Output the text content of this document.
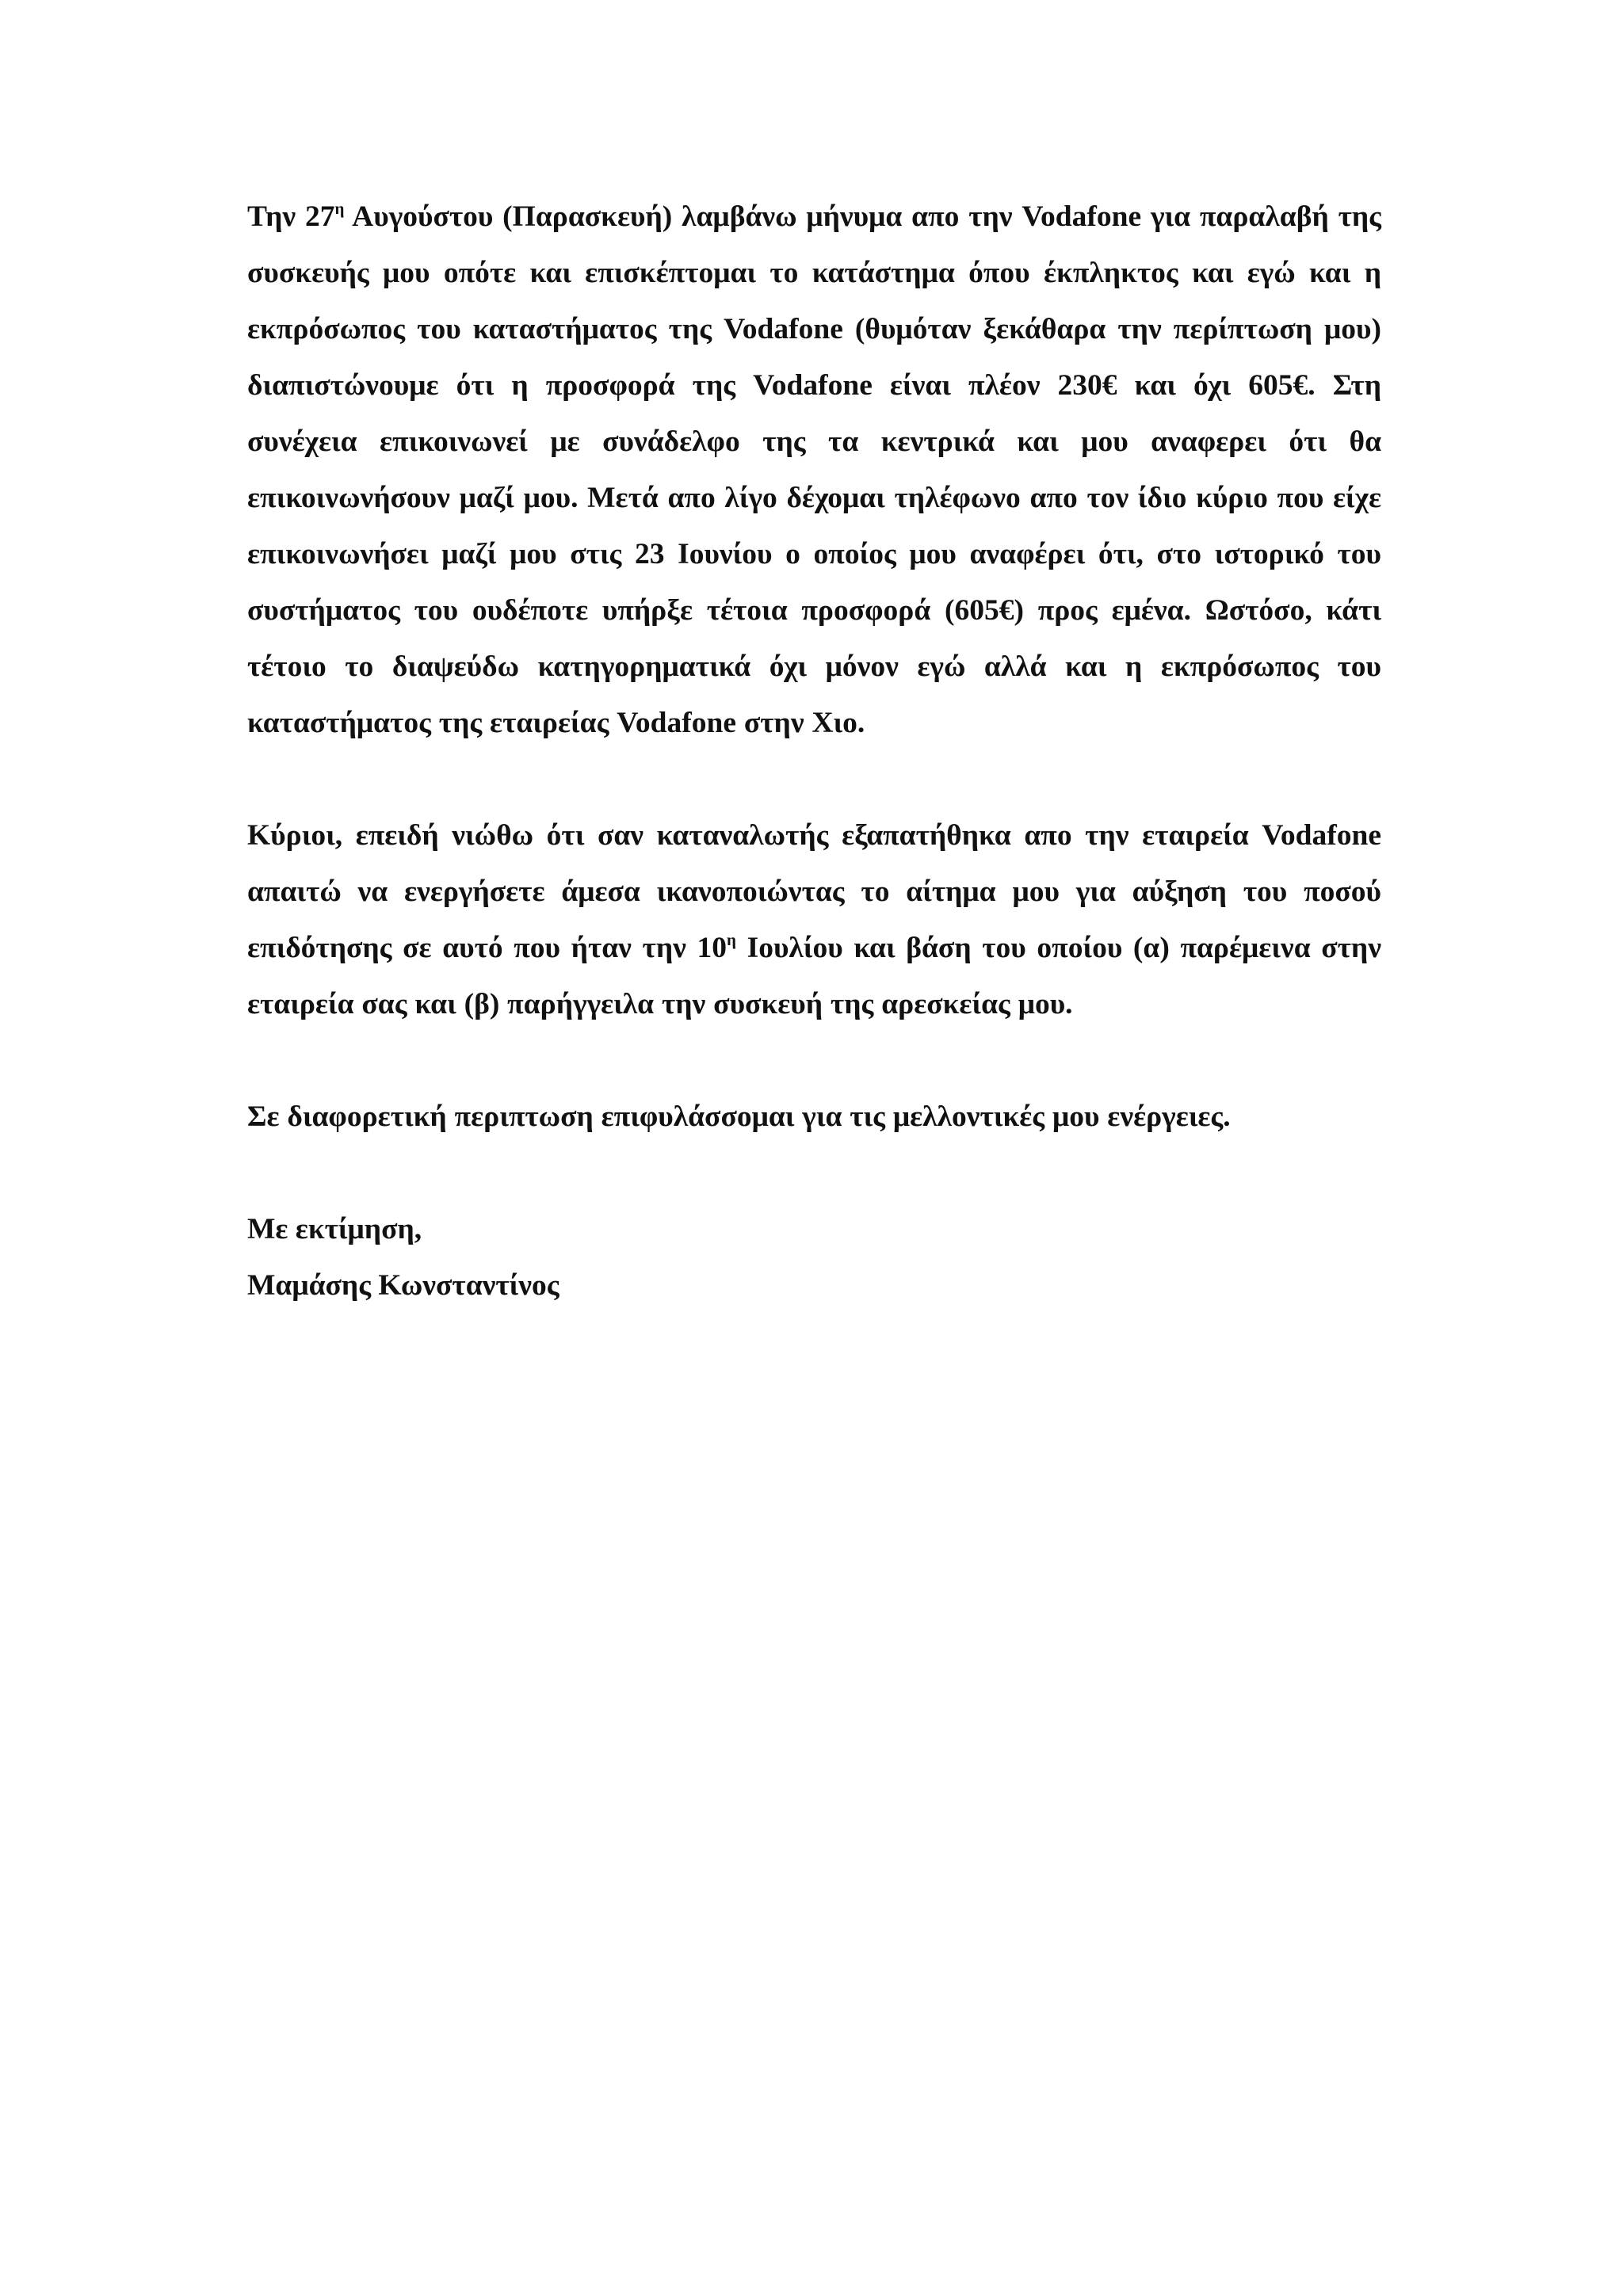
Την $27^\eta$ Αυγούστου (Παρασκευή) λαμβάνω μήνυμα απο την Vodafone για παραλαβή της συσκευής μου οπότε και επισκέπτομαι το κατάστημα όπου έκπληκτος και εγώ και η εκπρόσωπος του καταστήματος της Vodafone (θυμόταν ξεκάθαρα την περίπτωση μου) διαπιστώνουμε ότι η προσφορά της Vodafone είναι πλέον 230€ και όχι 605€. Στη συνέχεια επικοινωνεί με συνάδελφο της τα κεντρικά και μου αναφερει ότι θα επικοινωνήσουν μαζί μου. Μετά απο λίγο δέχομαι τηλέφωνο απο τον ίδιο κύριο που είχε επικοινωνήσει μαζί μου στις 23 Ιουνίου ο οποίος μου αναφέρει ότι, στο ιστορικό του συστήματος του ουδέποτε υπήρξε τέτοια προσφορά (605€) προς εμένα. Ωστόσο, κάτι τέτοιο το διαψεύδω κατηγορηματικά όχι μόνον εγώ αλλά και η εκπρόσωπος του καταστήματος της εταιρείας Vodafone στην Χιο.

Κύριοι, επειδή νιώθω ότι σαν καταναλωτής εξαπατήθηκα απο την εταιρεία Vodafone απαιτώ να ενεργήσετε άμεσα ικανοποιώντας το αίτημα μου για αύξηση του ποσού επιδότησης σε αυτό που ήταν την $10^\eta$ Ιουλίου και βάση του οποίου (α) παρέμεινα στην εταιρεία σας και (β) παρήγγειλα την συσκευή της αρεσκείας μου.

Σε διαφορετική περιπτωση επιφυλάσσομαι για τις μελλοντικές μου ενέργειες.

Με εκτίμηση,
Μαμάσης Κωνσταντίνος
